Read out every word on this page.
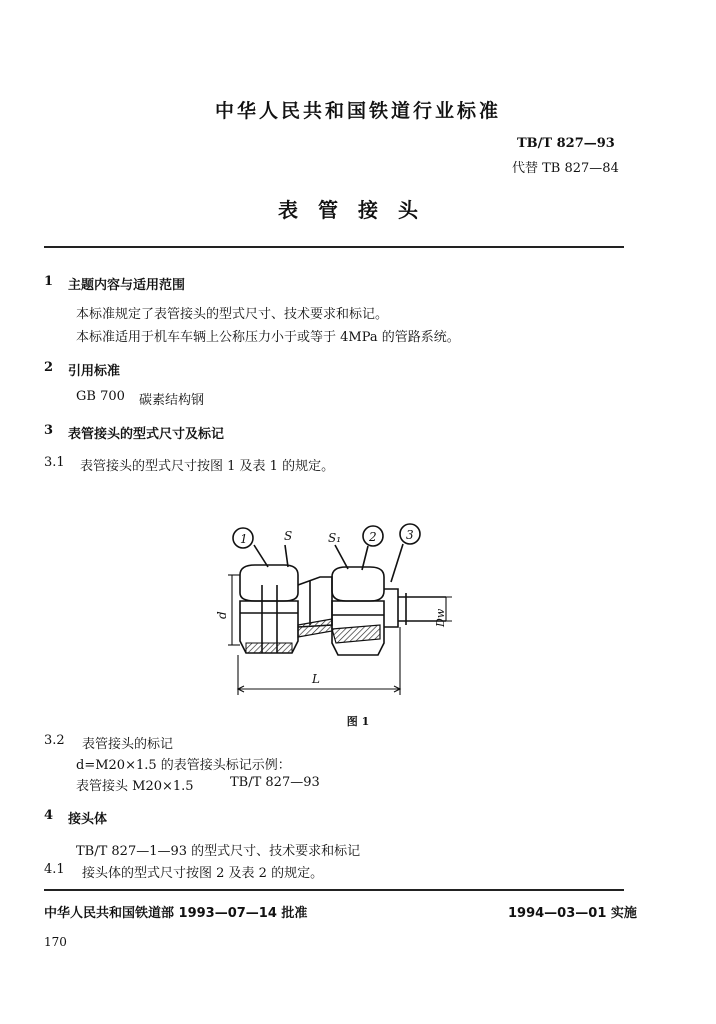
中华人民共和国铁道行业标准
TB/T 827—93
代替 TB 827—84
表管接头
1 主题内容与适用范围
本标准规定了表管接头的型式尺寸、技术要求和标记。
本标准适用于机车车辆上公称压力小于或等于 4MPa 的管路系统。
2 引用标准
GB 700 碳素结构钢
3 表管接头的型式尺寸及标记
3.1 表管接头的型式尺寸按图 1 及表 1 的规定。
1	2 3
S	S₁
d	Dw
L
图 1
3.2 表管接头的标记
d=M20×1.5 的表管接头标记示例：
表管接头 M20×1.5	TB/T 827—93
4 接头体
TB/T 827—1—93 的型式尺寸、技术要求和标记
4.1 接头体的型式尺寸按图 2 及表 2 的规定。
中华人民共和国铁道部 1993—07—14 批准	1994—03—01 实施
170
